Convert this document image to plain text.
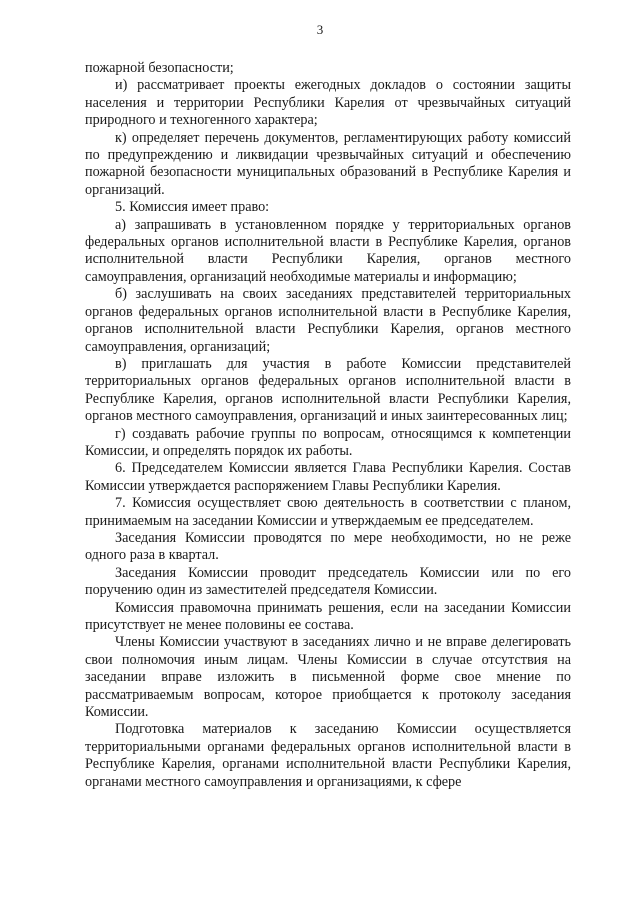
3

пожарной безопасности;

и) рассматривает проекты ежегодных докладов о состоянии защиты населения и территории Республики Карелия от чрезвычайных ситуаций природного и техногенного характера;

к) определяет перечень документов, регламентирующих работу комиссий по предупреждению и ликвидации чрезвычайных ситуаций и обеспечению пожарной безопасности муниципальных образований в Республике Карелия и организаций.

5. Комиссия имеет право:

а) запрашивать в установленном порядке у территориальных органов федеральных органов исполнительной власти в Республике Карелия, органов исполнительной власти Республики Карелия, органов местного самоуправления, организаций необходимые материалы и информацию;

б) заслушивать на своих заседаниях представителей территориальных органов федеральных органов исполнительной власти в Республике Карелия, органов исполнительной власти Республики Карелия, органов местного самоуправления, организаций;

в) приглашать для участия в работе Комиссии представителей территориальных органов федеральных органов исполнительной власти в Республике Карелия, органов исполнительной власти Республики Карелия, органов местного самоуправления, организаций и иных заинтересованных лиц;

г) создавать рабочие группы по вопросам, относящимся к компетенции Комиссии, и определять порядок их работы.

6. Председателем Комиссии является Глава Республики Карелия. Состав Комиссии утверждается распоряжением Главы Республики Карелия.

7. Комиссия осуществляет свою деятельность в соответствии с планом, принимаемым на заседании Комиссии и утверждаемым ее председателем.

Заседания Комиссии проводятся по мере необходимости, но не реже одного раза в квартал.

Заседания Комиссии проводит председатель Комиссии или по его поручению один из заместителей председателя Комиссии.

Комиссия правомочна принимать решения, если на заседании Комиссии присутствует не менее половины ее состава.

Члены Комиссии участвуют в заседаниях лично и не вправе делегировать свои полномочия иным лицам. Члены Комиссии в случае отсутствия на заседании вправе изложить в письменной форме свое мнение по рассматриваемым вопросам, которое приобщается к протоколу заседания Комиссии.

Подготовка материалов к заседанию Комиссии осуществляется территориальными органами федеральных органов исполнительной власти в Республике Карелия, органами исполнительной власти Республики Карелия, органами местного самоуправления и организациями, к сфере
